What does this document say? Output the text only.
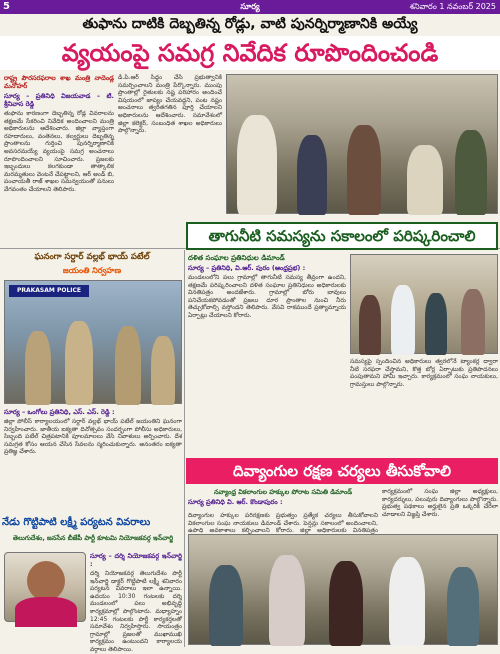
5	సూర్య	శనివారం 1 నవంబర్ 2025
తుఫాను దాటికి దెబ్బతిన్న రోడ్లు, వాటి పునర్నిర్మాణానికి అయ్యే
వ్యయంపై సమగ్ర నివేదిక రూపొందించండి
రాష్ట్ర పౌరసరఫరాల శాఖ మంత్రి నాదెండ్ల మనోహర్
సూర్య – ప్రతినిధి విజయవాడ – టి. శ్రీనివాస రెడ్డి
తుఫాను కారణంగా దెబ్బతిన్న రోడ్ల వివరాలను తక్షణమే సేకరించి నివేదిక అందించాలని మంత్రి అధికారులను ఆదేశించారు. జిల్లా వ్యాప్తంగా రహదారులు, వంతెనలు, కల్వర్టులు దెబ్బతిన్న ప్రాంతాలను గుర్తించి పునర్నిర్మాణానికి అవసరమయ్యే వ్యయంపై సమగ్ర అంచనాలు రూపొందించాలని సూచించారు. ప్రజలకు ఇబ్బందులు కలగకుండా తాత్కాలిక మరమ్మతులు వెంటనే చేపట్టాలని, ఆర్ అండ్ బి, పంచాయతీ రాజ్ శాఖల సమన్వయంతో పనులు వేగవంతం చేయాలని తెలిపారు.
డి.పి.ఆర్ సిద్ధం చేసి ప్రభుత్వానికి సమర్పించాలని మంత్రి పేర్కొన్నారు. ముంపు ప్రాంతాల్లో రైతులకు నష్ట పరిహారం అందించే విషయంలో జాప్యం చేయవద్దని, పంట నష్టం అంచనాలు త్వరితగతిన పూర్తి చేయాలని అధికారులను ఆదేశించారు. సమావేశంలో జిల్లా కలెక్టర్, సంబంధిత శాఖల అధికారులు పాల్గొన్నారు.
ఘనంగా సర్దార్ వల్లభ్ భాయ్ పటేల్
జయంతి నిర్వహణ
PRAKASAM POLICE
సూర్య – ఒంగోలు ప్రతినిధి, ఎస్. ఎస్. రెడ్డి :
జిల్లా పోలీస్ కార్యాలయంలో సర్దార్ వల్లభ్ భాయ్ పటేల్ జయంతిని ఘనంగా నిర్వహించారు. జాతీయ ఐక్యతా దినోత్సవం సందర్భంగా పోలీసు అధికారులు, సిబ్బంది పటేల్ చిత్రపటానికి పూలమాలలు వేసి నివాళులు అర్పించారు. దేశ సమగ్రత కోసం ఆయన చేసిన సేవలను స్మరించుకున్నారు. అనంతరం ఐక్యతా ప్రతిజ్ఞ చేశారు.
నేడు గొట్టిపాటి లక్ష్మీ పర్యటన వివరాలు
తెలుగుదేశం, జనసేన బీజేపీ పార్టీ కూటమి నియోజకవర్గ ఇన్‌చార్జి
సూర్య – దర్శి నియోజకవర్గ ఇన్‌చార్జి :
దర్శి నియోజకవర్గ తెలుగుదేశం పార్టీ ఇన్‌చార్జి డాక్టర్ గొట్టిపాటి లక్ష్మీ శనివారం పర్యటన వివరాలు ఇలా ఉన్నాయి. ఉదయం 10:30 గంటలకు దర్శి మండలంలో పలు అభివృద్ధి కార్యక్రమాల్లో పాల్గొంటారు. మధ్యాహ్నం 12:45 గంటలకు పార్టీ కార్యకర్తలతో సమావేశం నిర్వహిస్తారు. సాయంత్రం గ్రామాల్లో ప్రజలతో ముఖాముఖి కార్యక్రమం ఉంటుందని కార్యాలయ వర్గాలు తెలిపాయి.
తాగునీటి సమస్యను సకాలంలో పరిష్కరించాలి
దళిత సంఘాల ప్రతినిధుల డిమాండ్
సూర్య – ప్రతినిధి, వి.ఆర్. పురం (ఆంధ్రప్రభ) :
మండలంలోని పలు గ్రామాల్లో తాగునీటి సమస్య తీవ్రంగా ఉందని, తక్షణమే పరిష్కరించాలని దళిత సంఘాల ప్రతినిధులు అధికారులకు వినతిపత్రం అందజేశారు. గ్రామాల్లో బోరు బావులు పనిచేయకపోవడంతో ప్రజలు దూర ప్రాంతాల నుంచి నీరు తెచ్చుకోవాల్సి వస్తోందని తెలిపారు. వేసవి రాకముందే ప్రత్యామ్నాయ ఏర్పాట్లు చేయాలని కోరారు.
సమస్యపై స్పందించిన అధికారులు త్వరలోనే ట్యాంకర్ల ద్వారా నీటి సరఫరా చేస్తామని, కొత్త బోర్ల ఏర్పాటుకు ప్రతిపాదనలు పంపుతామని హామీ ఇచ్చారు. కార్యక్రమంలో సంఘ నాయకులు, గ్రామస్తులు పాల్గొన్నారు.
దివ్యాంగుల రక్షణ చర్యలు తీసుకోవాలి
నవ్యాంధ్ర వికలాంగుల హక్కుల పోరాట సమితి డిమాండ్
సూర్య ప్రతినిధి వి. ఆర్. కొండాపురం :
దివ్యాంగుల హక్కుల పరిరక్షణకు ప్రభుత్వం ప్రత్యేక చర్యలు తీసుకోవాలని వికలాంగుల సంఘ నాయకులు డిమాండ్ చేశారు. పెన్షన్లు సకాలంలో అందించాలని, ఉపాధి అవకాశాలు కల్పించాలని కోరారు. జిల్లా అధికారులకు వినతిపత్రం
కార్యక్రమంలో సంఘ జిల్లా అధ్యక్షులు, కార్యదర్శులు, పలువురు దివ్యాంగులు పాల్గొన్నారు. ప్రభుత్వ పథకాలు అర్హులైన ప్రతి ఒక్కరికి చేరేలా చూడాలని విజ్ఞప్తి చేశారు.
